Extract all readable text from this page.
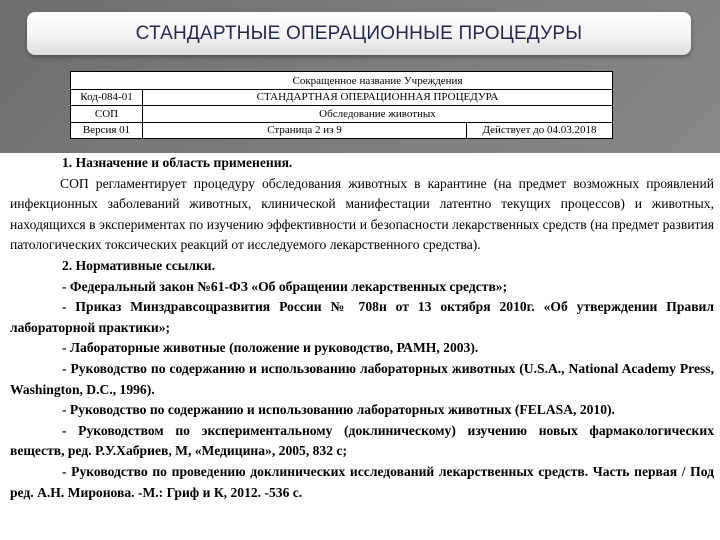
СТАНДАРТНЫЕ ОПЕРАЦИОННЫЕ ПРОЦЕДУРЫ
Сокращенное название Учреждения
Код-084-01	СТАНДАРТНАЯ ОПЕРАЦИОННАЯ ПРОЦЕДУРА
СОП	Обследование животных
Версия 01	Страница 2 из 9	Действует до 04.03.2018
1. Назначение и область применения.
СОП регламентирует процедуру обследования животных в карантине (на предмет возможных проявлений инфекционных заболеваний животных, клинической манифестации латентно текущих процессов) и животных, находящихся в экспериментах по изучению эффективности и безопасности лекарственных средств (на предмет развития патологических токсических реакций от исследуемого лекарственного средства).
2. Нормативные ссылки.
- Федеральный закон №61-ФЗ «Об обращении лекарственных средств»;
- Приказ Минздравсоцразвития России № 708н от 13 октября 2010г. «Об утверждении Правил лабораторной практики»;
- Лабораторные животные (положение и руководство, РАМН, 2003).
- Руководство по содержанию и использованию лабораторных животных (U.S.A., National Academy Press, Washington, D.C., 1996).
- Руководство по содержанию и использованию лабораторных животных (FELASA, 2010).
- Руководством по экспериментальному (доклиническому) изучению новых фармакологических веществ, ред. Р.У.Хабриев, М, «Медицина», 2005, 832 с;
- Руководство по проведению доклинических исследований лекарственных средств. Часть первая / Под ред. А.Н. Миронова. -М.: Гриф и К, 2012. -536 с.
